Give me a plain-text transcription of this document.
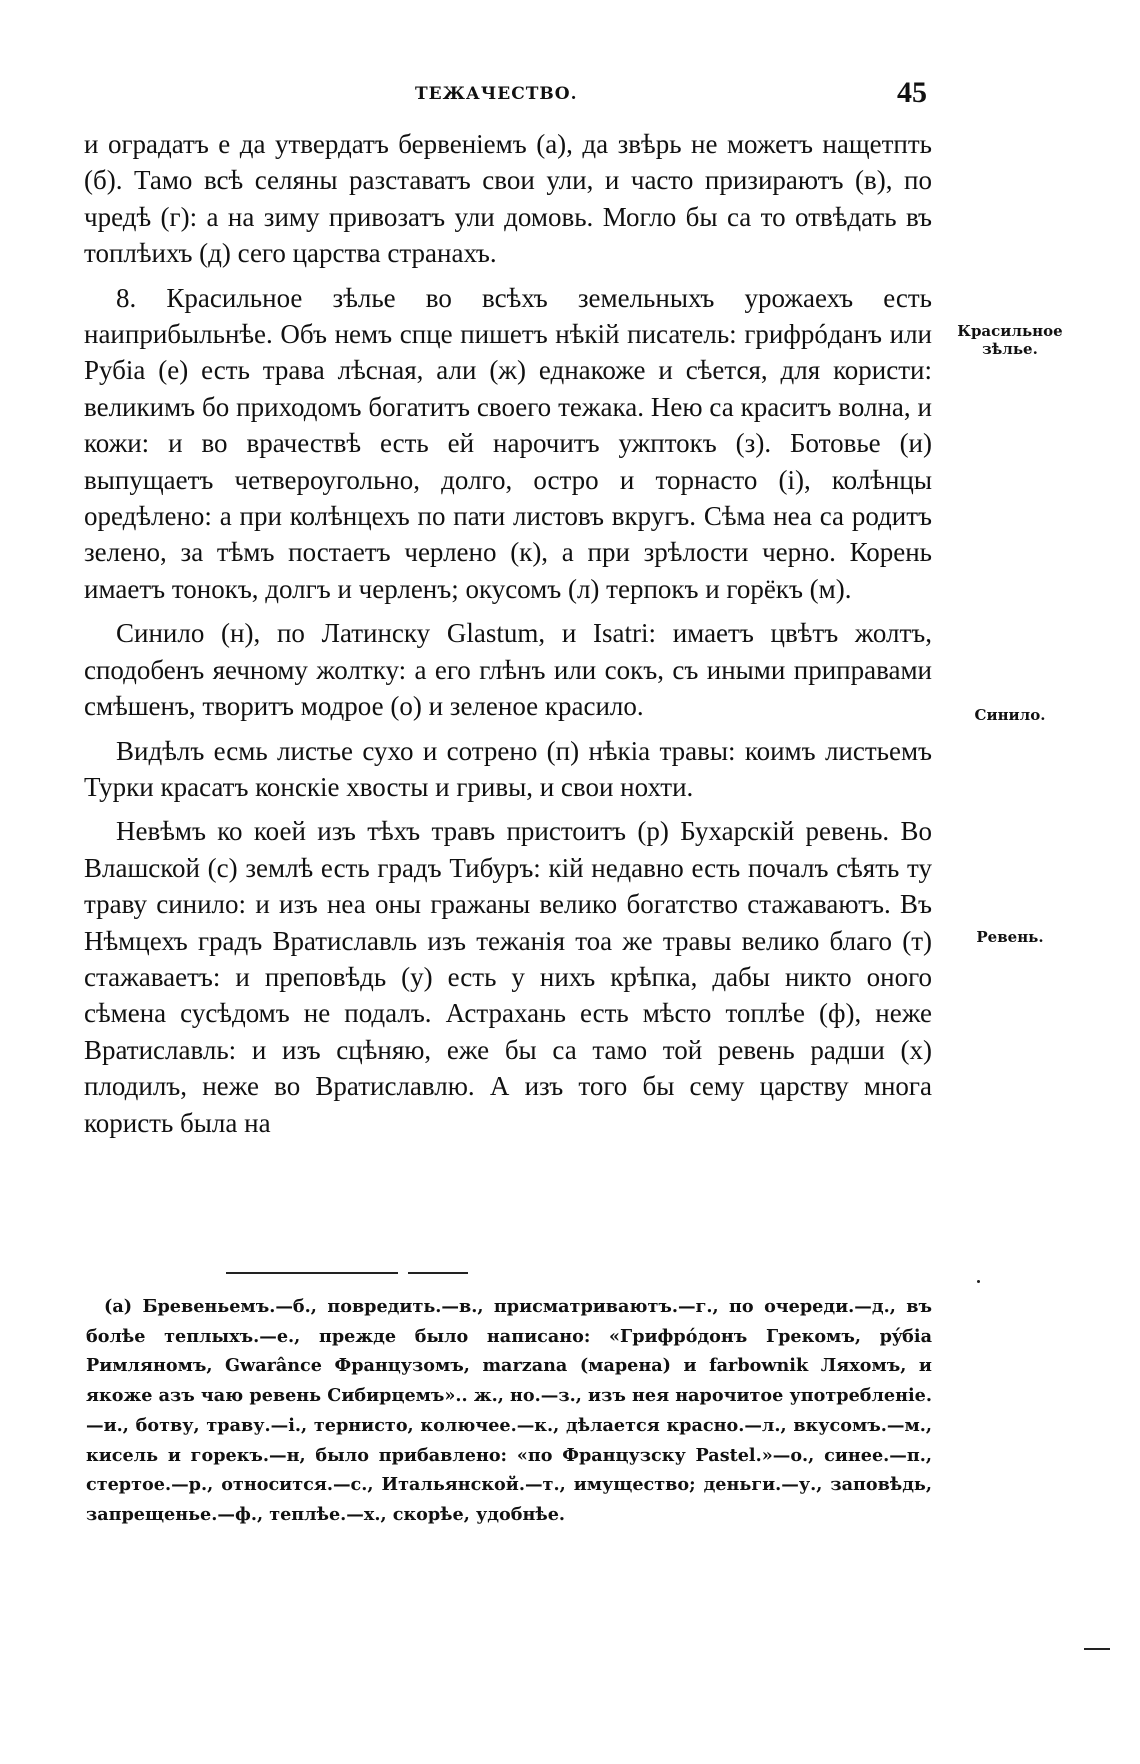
ТЕЖАЧЕСТВО.	45

и оградатъ е да утвердатъ бервеніемъ (а), да звѣрь не можетъ нащетпть (б). Тамо всѣ селяны разставатъ свои ули, и часто призираютъ (в), по чредѣ (г): а на зиму привозатъ ули домовь. Могло бы са то отвѣдать въ топлѣихъ (д) сего царства странахъ.

8. Красильное зѣлье во всѣхъ земельныхъ урожаехъ есть наиприбыльнѣе. Объ немъ спце пишетъ нѣкій писатель: грифрóданъ или Рубіа (е) есть трава лѣсная, али (ж) еднакоже и сѣется, для користи: великимъ бо приходомъ богатитъ своего тежака. Нею са краситъ волна, и кожи: и во врачествѣ есть ей нарочитъ ужптокъ (з). Ботовье (и) выпущаетъ четвероугольно, долго, остро и торнасто (і), колѣнцы оредѣлено: а при колѣнцехъ по пати листовъ вкругъ. Сѣма неа са родитъ зелено, за тѣмъ постаетъ черлено (к), а при зрѣлости черно. Корень имаетъ тонокъ, долгъ и черленъ; окусомъ (л) терпокъ и горёкъ (м).

Синило (н), по Латинску Glastum, и Isatri: имаетъ цвѣтъ жолтъ, сподобенъ яечному жолтку: а его глѣнъ или сокъ, съ иными приправами смѣшенъ, творитъ модрое (о) и зеленое красило.

Видѣлъ есмь листье сухо и сотрено (п) нѣкіа травы: коимъ листьемъ Турки красатъ конскіе хвосты и гривы, и свои нохти.

Невѣмъ ко коей изъ тѣхъ травъ пристоитъ (р) Бухарскій ревень. Во Влашской (с) землѣ есть градъ Тибуръ: кій недавно есть почалъ сѣять ту траву синило: и изъ неа оны гражаны велико богатство стажаваютъ. Въ Нѣмцехъ градъ Вратиславль изъ тежанія тоа же травы велико благо (т) стажаваетъ: и преповѣдь (у) есть у нихъ крѣпка, дабы никто оного сѣмена суcѣдомъ не подалъ. Астрахань есть мѣсто топлѣе (ф), неже Вратиславль: и изъ сцѣняю, еже бы са тамо той ревень радши (х) плодилъ, неже во Вратиславлю. А изъ того бы сему царству многа користь была на

Красильное зѣлье.
Синило.
Ревень.

(а) Бревеньемъ.—б., повредить.—в., присматриваютъ.—г., по очереди.—д., въ болѣе теплыхъ.—е., прежде было написано: «Грифрóдонъ Грекомъ, рýбіа Римляномъ, Gwarânce Французомъ, marzana (марена) и farbownik Ляхомъ, и якоже азъ чаю ревень Сибирцемъ».. ж., но.—з., изъ нея нарочитое употребленіе.—и., ботву, траву.—і., тернисто, колючее.—к., дѣлается красно.—л., вкусомъ.—м., кисель и горекъ.—н, было прибавлено: «по Французску Pastel.»—о., синее.—п., стертое.—р., относится.—с., Итальянской.—т., имущество; деньги.—у., заповѣдь, запрещенье.—ф., теплѣе.—х., скорѣе, удобнѣе.
